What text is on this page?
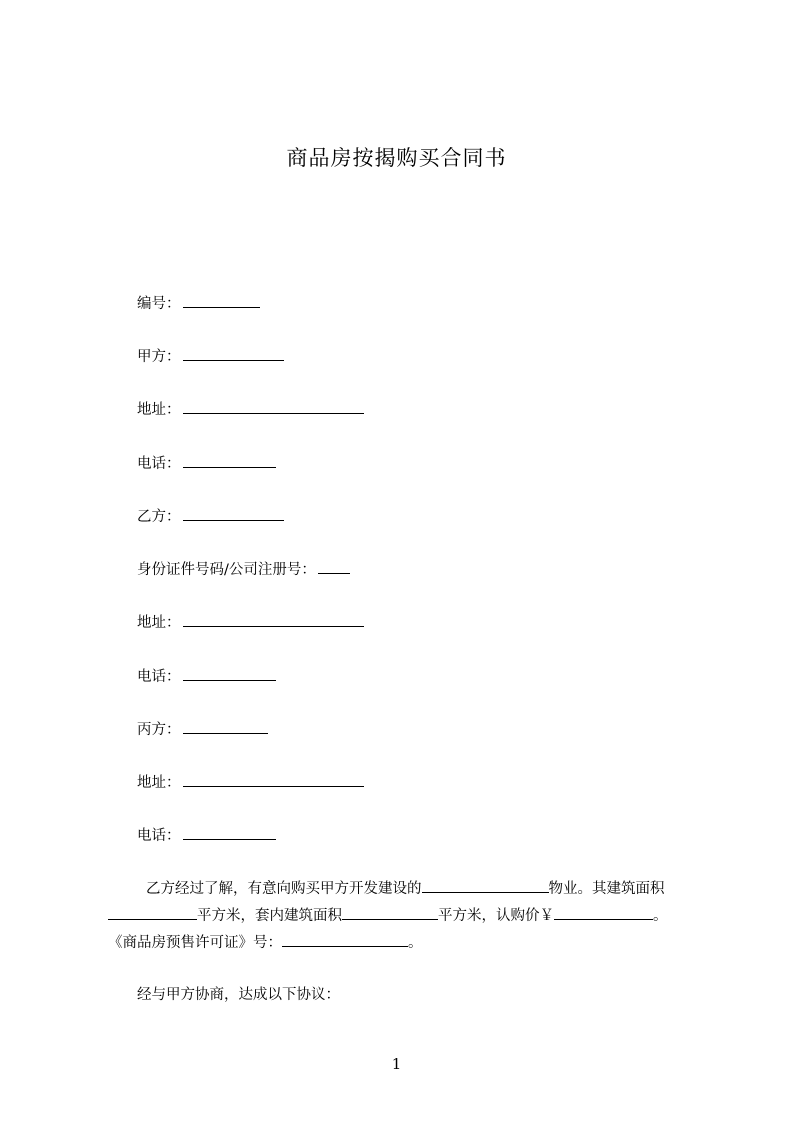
商品房按揭购买合同书
编号：
甲方：
地址：
电话：
乙方：
身份证件号码/公司注册号：
地址：
电话：
丙方：
地址：
电话：
乙方经过了解，有意向购买甲方开发建设的	物业。其建筑面积
平方米，套内建筑面积	平方米，认购价￥	。
《商品房预售许可证》号：	。
经与甲方协商，达成以下协议：
1
